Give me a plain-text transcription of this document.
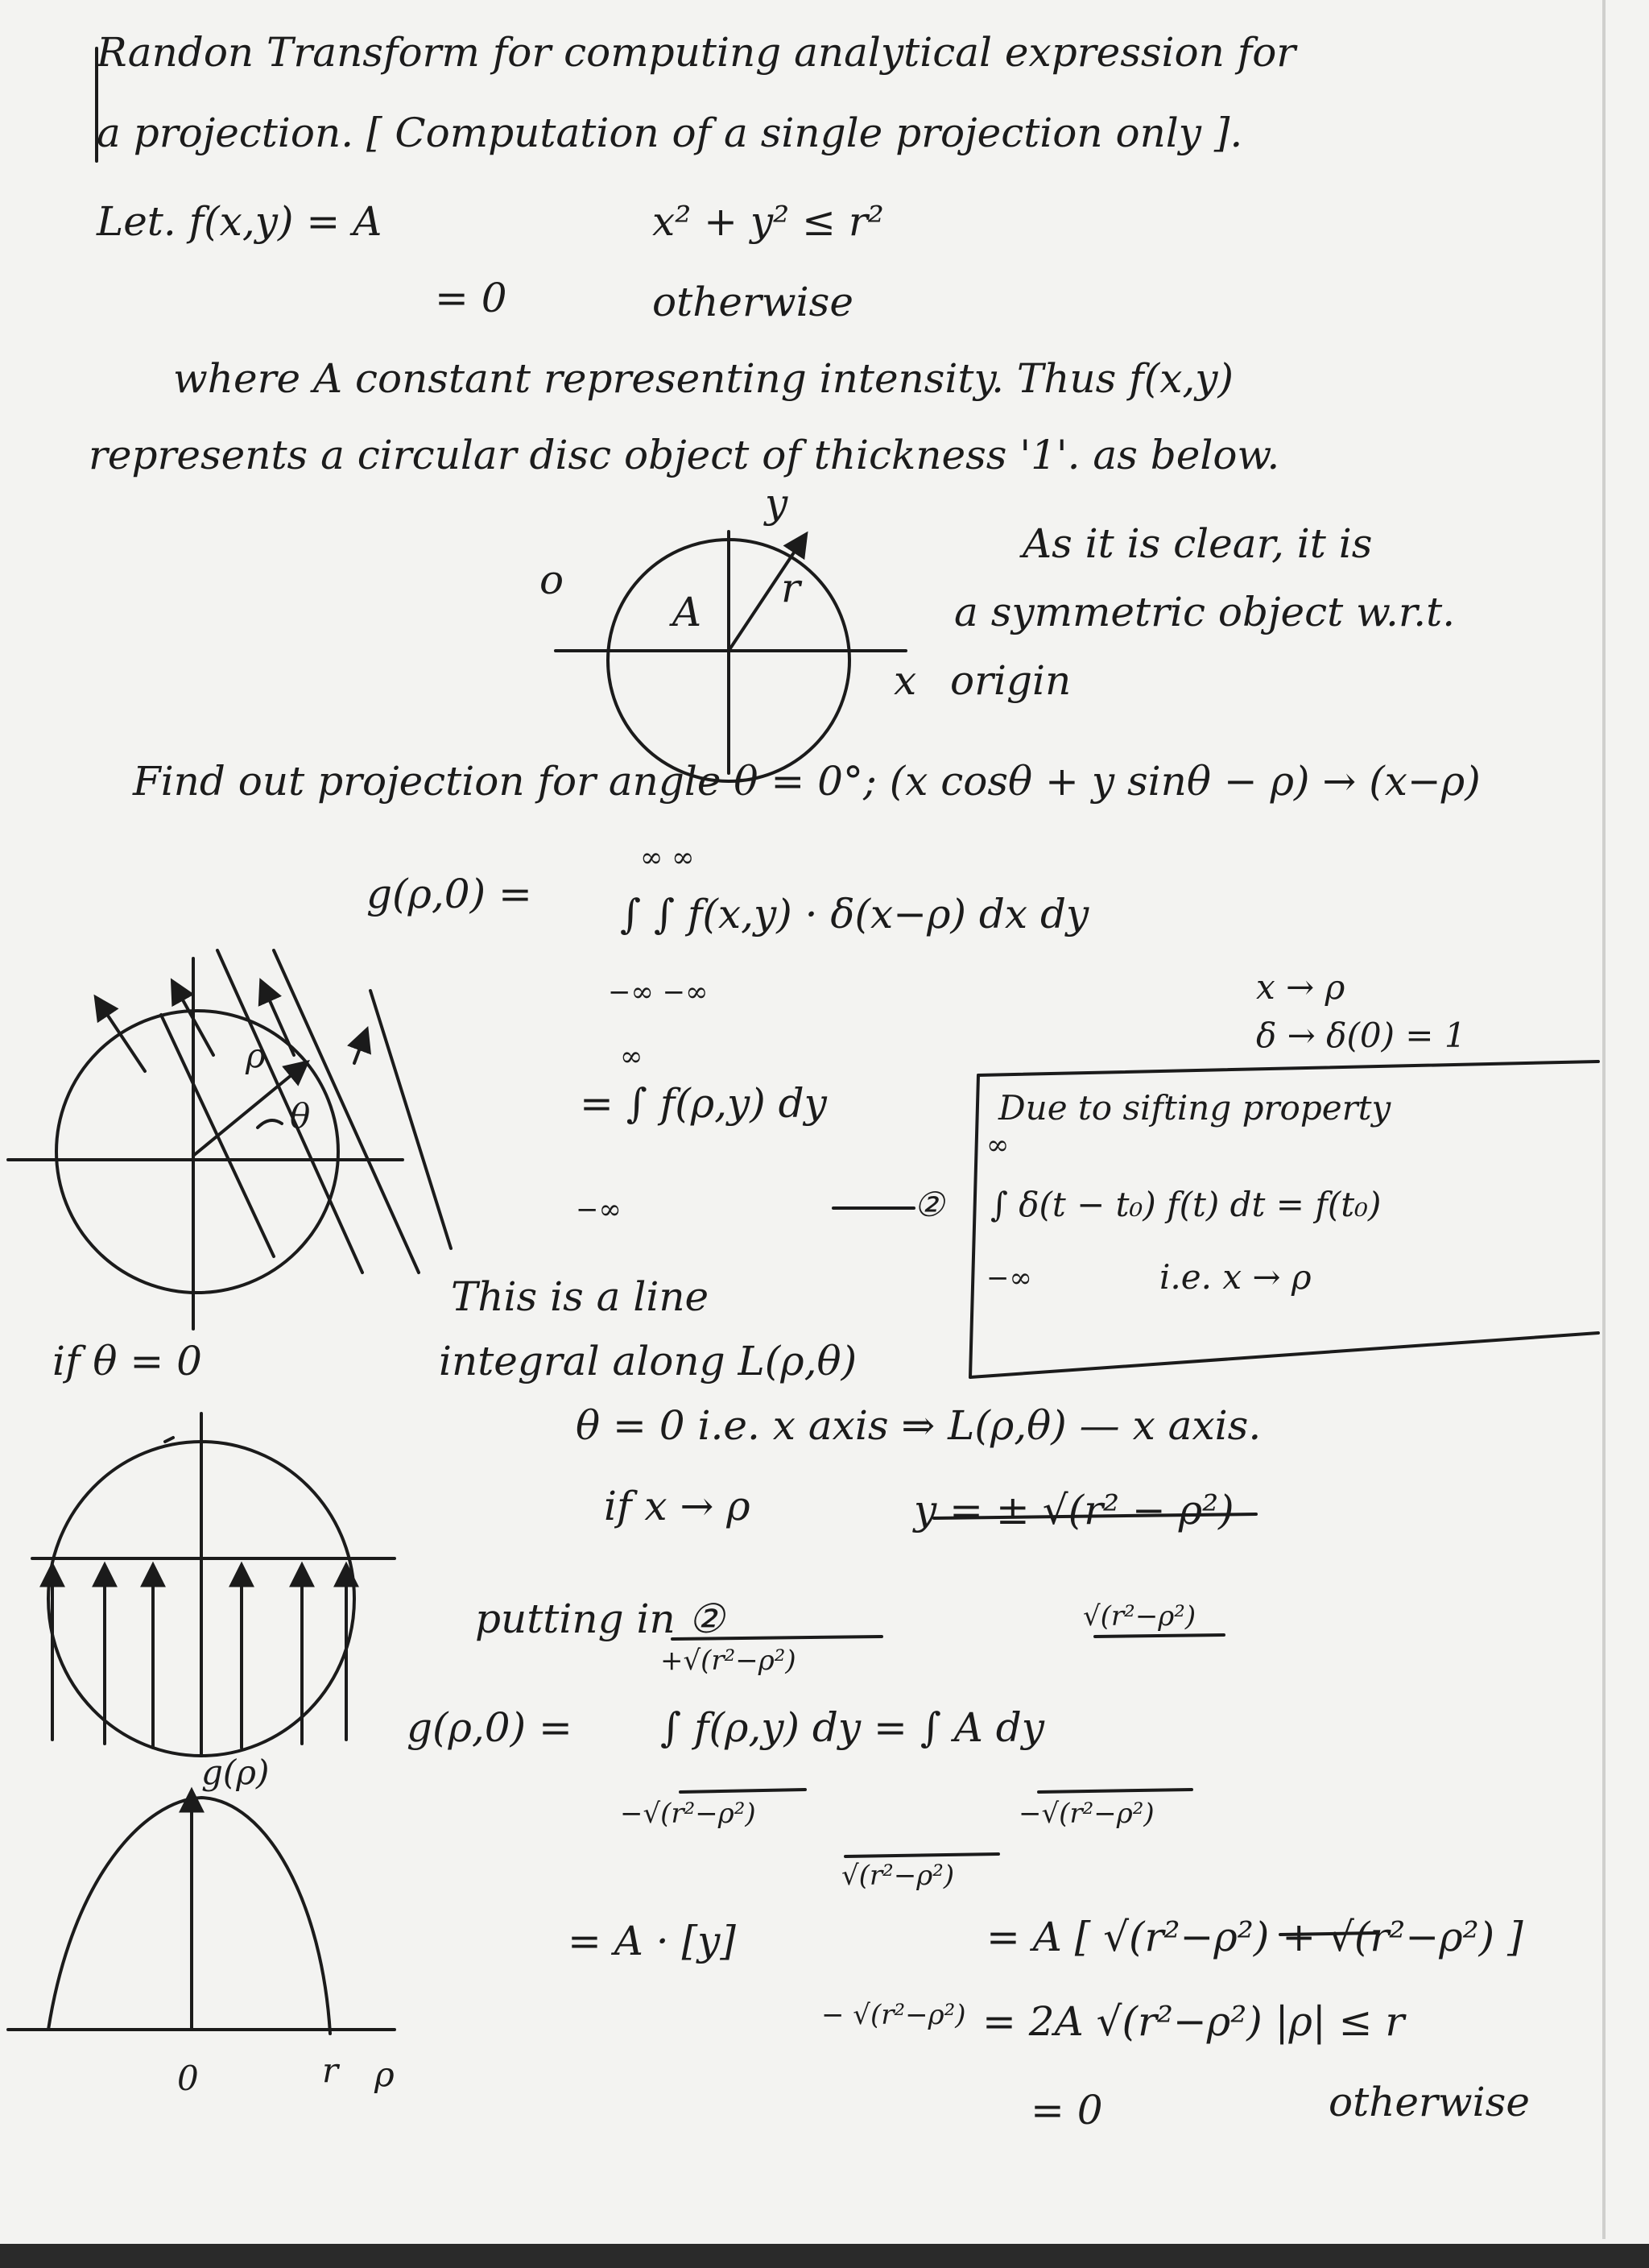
Randon Transform for computing analytical expression for
a projection. [ Computation of a single projection only ].
Let. f(x,y) = A	x² + y² ≤ r²
= 0	otherwise
where A constant representing intensity. Thus f(x,y)
represents a circular disc object of thickness '1'. as below.
o
y
A
r
x
As it is clear, it is
a symmetric object w.r.t.
origin
Find out projection for angle θ = 0°; (x cosθ + y sinθ − ρ) → (x−ρ)
∞ ∞
g(ρ,0) = ∫ ∫ f(x,y) · δ(x−ρ) dx dy
−∞ −∞	x → ρ
δ → δ(0) = 1
∞
= ∫ f(ρ,y) dy
−∞	②
Due to sifting property
∞
∫ δ(t − t₀) f(t) dt = f(t₀)
−∞	i.e. x → ρ
This is a line
integral along L(ρ,θ)
θ = 0 i.e. x axis ⇒ L(ρ,θ) — x axis.
if x → ρ	y = ± √(r² − ρ²)
ρ
θ
if θ = 0
g(ρ)
0	r ρ
putting in ②
+√(r²−ρ²)
√(r²−ρ²)
g(ρ,0) = ∫ f(ρ,y) dy = ∫ A dy
−√(r²−ρ²)	−√(r²−ρ²)
√(r²−ρ²)
= A · [y]	= A [ √(r²−ρ²) + √(r²−ρ²) ]
− √(r²−ρ²) = 2A √(r²−ρ²) |ρ| ≤ r
= 0	otherwise
